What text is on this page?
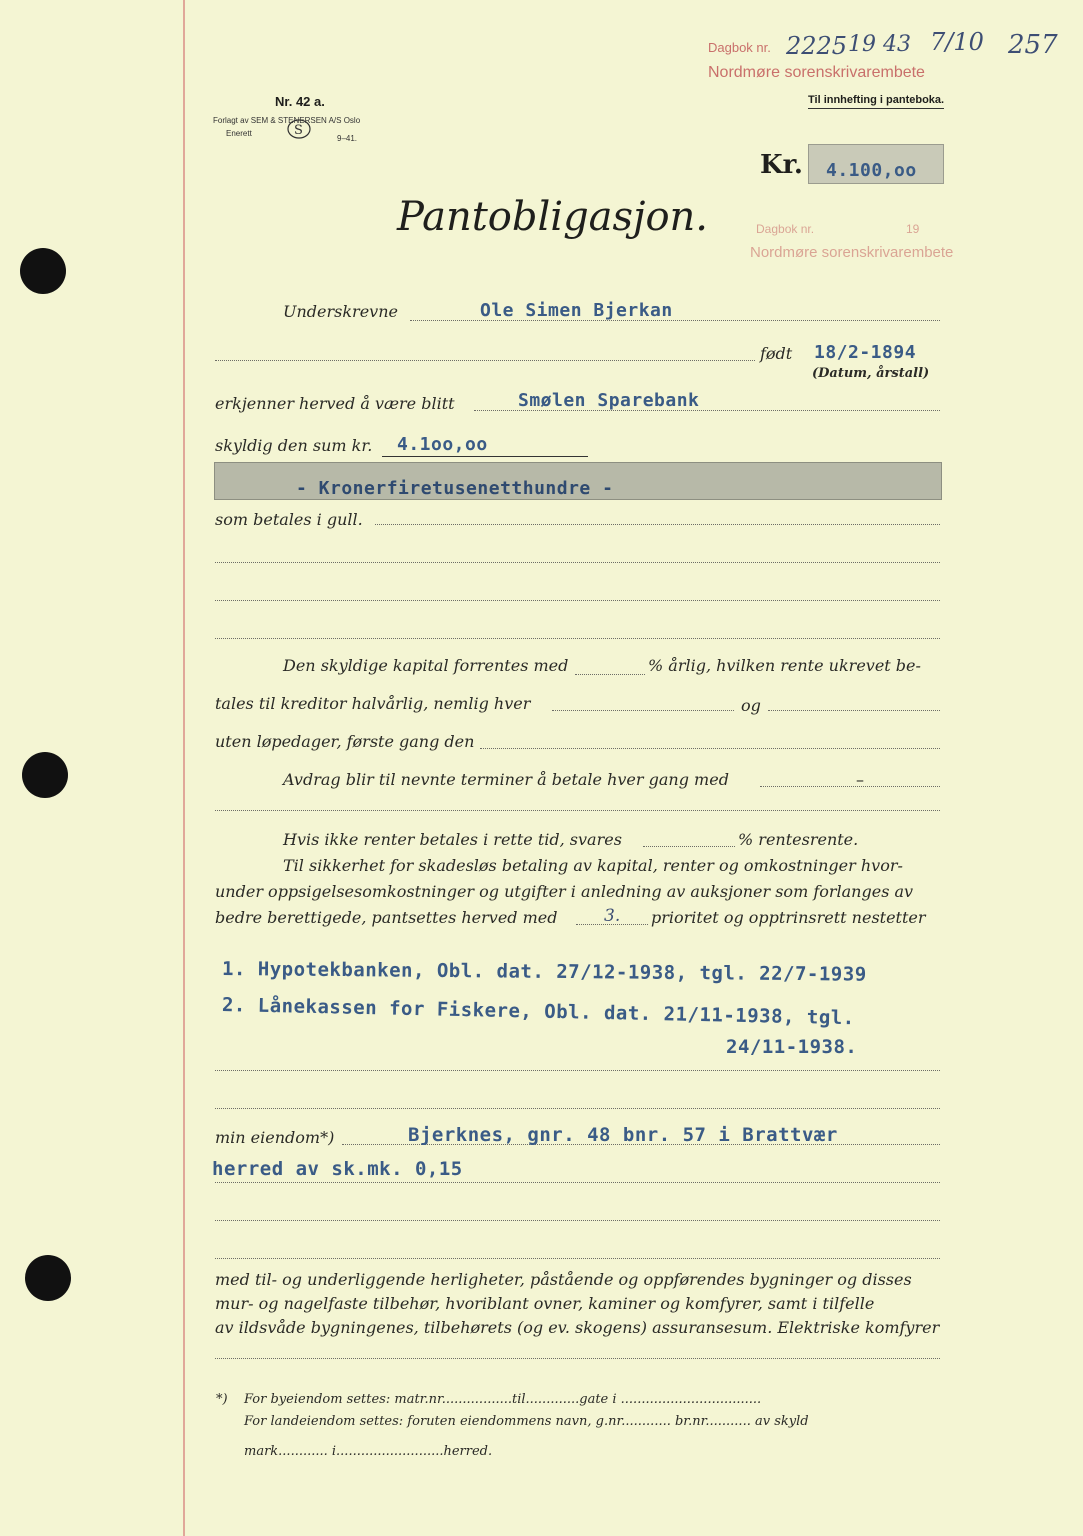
Dagbok nr. 2225 19 43 7/10 257
Nordmøre sorenskrivarembete
Til innhefting i panteboka.
Nr. 42 a.
Forlagt av SEM & STENERSEN A/S Oslo
Enerett	S
9–41.
Kr. 4.100,oo
Pantobligasjon.	Dagbok nr.	19
Nordmøre sorenskrivarembete
Underskrevne	Ole Simen Bjerkan
født 18/2-1894
(Datum, årstall)
erkjenner herved å være blitt	Smølen Sparebank
skyldig den sum kr. 4.1oo,oo
- Kronerfiretusenetthundre -
som betales i gull.
Den skyldige kapital forrentes med	% årlig, hvilken rente ukrevet be-
tales til kreditor halvårlig, nemlig hver	og
uten løpedager, første gang den
Avdrag blir til nevnte terminer å betale hver gang med	–
Hvis ikke renter betales i rette tid, svares	% rentesrente.
Til sikkerhet for skadesløs betaling av kapital, renter og omkostninger hvor-
under oppsigelsesomkostninger og utgifter i anledning av auksjoner som forlanges av
bedre berettigede, pantsettes herved med	3. prioritet og opptrinsrett nestetter
1. Hypotekbanken, Obl. dat. 27/12-1938, tgl. 22/7-1939
2. Lånekassen for Fiskere, Obl. dat. 21/11-1938, tgl.
24/11-1938.
min eiendom*)	Bjerknes, gnr. 48 bnr. 57 i Brattvær
herred av sk.mk. 0,15
med til- og underliggende herligheter, påstående og oppførendes bygninger og disses
mur- og nagelfaste tilbehør, hvoriblant ovner, kaminer og komfyrer, samt i tilfelle
av ildsvåde bygningenes, tilbehørets (og ev. skogens) assuransesum. Elektriske komfyrer
*) For byeiendom settes: matr.nr.................til.............gate i ..................................
For landeiendom settes: foruten eiendommens navn, g.nr............ br.nr........... av skyld
mark............ i..........................herred.
